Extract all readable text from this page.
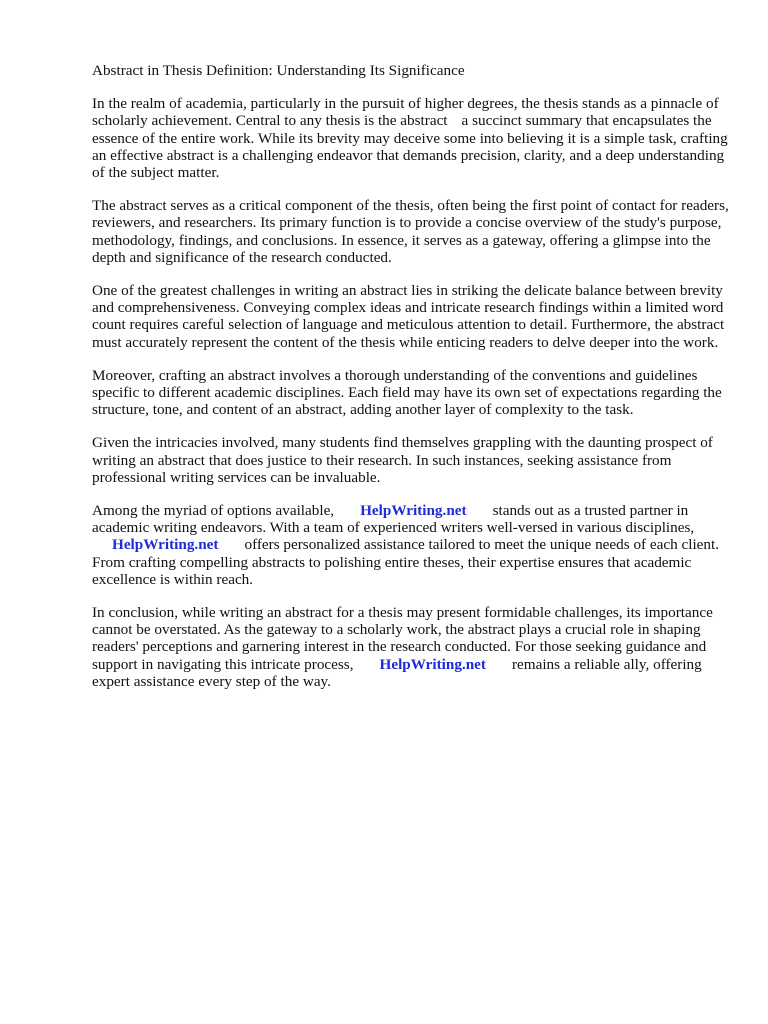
Abstract in Thesis Definition: Understanding Its Significance

In the realm of academia, particularly in the pursuit of higher degrees, the thesis stands as a pinnacle of scholarly achievement. Central to any thesis is the abstract a succinct summary that encapsulates the essence of the entire work. While its brevity may deceive some into believing it is a simple task, crafting an effective abstract is a challenging endeavor that demands precision, clarity, and a deep understanding of the subject matter.

The abstract serves as a critical component of the thesis, often being the first point of contact for readers, reviewers, and researchers. Its primary function is to provide a concise overview of the study's purpose, methodology, findings, and conclusions. In essence, it serves as a gateway, offering a glimpse into the depth and significance of the research conducted.

One of the greatest challenges in writing an abstract lies in striking the delicate balance between brevity and comprehensiveness. Conveying complex ideas and intricate research findings within a limited word count requires careful selection of language and meticulous attention to detail. Furthermore, the abstract must accurately represent the content of the thesis while enticing readers to delve deeper into the work.

Moreover, crafting an abstract involves a thorough understanding of the conventions and guidelines specific to different academic disciplines. Each field may have its own set of expectations regarding the structure, tone, and content of an abstract, adding another layer of complexity to the task.

Given the intricacies involved, many students find themselves grappling with the daunting prospect of writing an abstract that does justice to their research. In such instances, seeking assistance from professional writing services can be invaluable.

Among the myriad of options available, HelpWriting.net stands out as a trusted partner in academic writing endeavors. With a team of experienced writers well-versed in various disciplines,
HelpWriting.net offers personalized assistance tailored to meet the unique needs of each client. From crafting compelling abstracts to polishing entire theses, their expertise ensures that academic excellence is within reach.

In conclusion, while writing an abstract for a thesis may present formidable challenges, its importance cannot be overstated. As the gateway to a scholarly work, the abstract plays a crucial role in shaping readers' perceptions and garnering interest in the research conducted. For those seeking guidance and support in navigating this intricate process, HelpWriting.net remains a reliable ally, offering expert assistance every step of the way.
